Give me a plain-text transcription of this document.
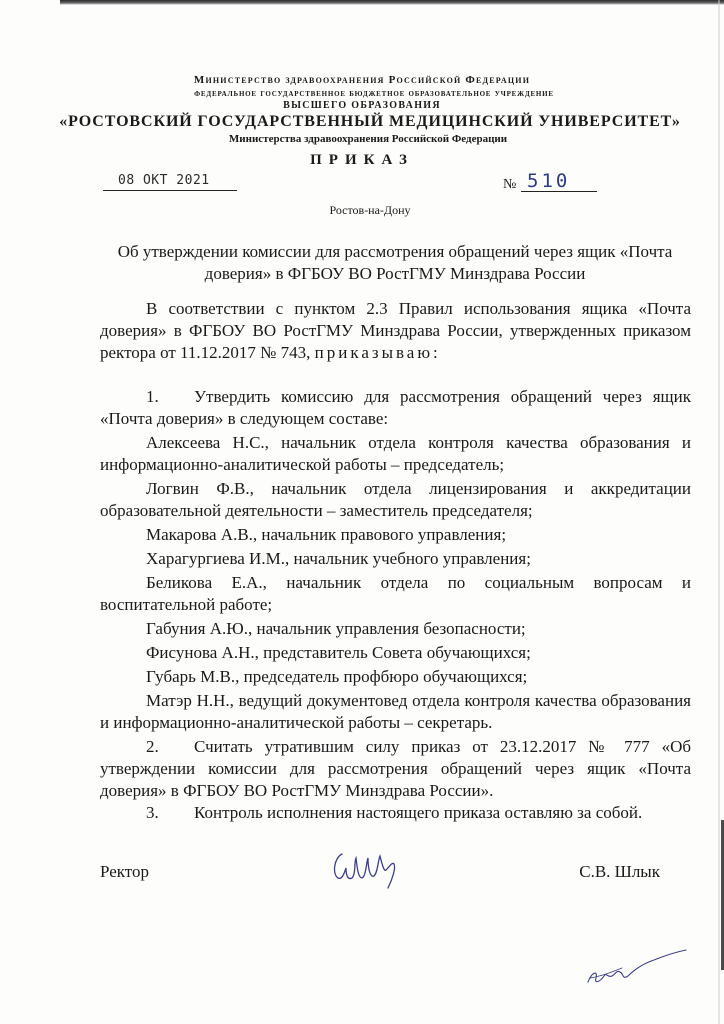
Министерство здравоохранения Российской Федерации
федеральное государственное бюджетное образовательное учреждение
ВЫСШЕГО ОБРАЗОВАНИЯ
«РОСТОВСКИЙ ГОСУДАРСТВЕННЫЙ МЕДИЦИНСКИЙ УНИВЕРСИТЕТ»
Министерства здравоохранения Российской Федерации
ПРИКАЗ
08 ОКТ 2021	№ 510
Ростов-на-Дону
Об утверждении комиссии для рассмотрения обращений через ящик «Почта доверия» в ФГБОУ ВО РостГМУ Минздрава России
В соответствии с пунктом 2.3 Правил использования ящика «Почта доверия» в ФГБОУ ВО РостГМУ Минздрава России, утвержденных приказом ректора от 11.12.2017 № 743, приказываю:

1. Утвердить комиссию для рассмотрения обращений через ящик «Почта доверия» в следующем составе:

Алексеева Н.С., начальник отдела контроля качества образования и информационно-аналитической работы – председатель;

Логвин Ф.В., начальник отдела лицензирования и аккредитации образовательной деятельности – заместитель председателя;

Макарова А.В., начальник правового управления;

Харагургиева И.М., начальник учебного управления;

Беликова Е.А., начальник отдела по социальным вопросам и воспитательной работе;

Габуния А.Ю., начальник управления безопасности;

Фисунова А.Н., представитель Совета обучающихся;

Губарь М.В., председатель профбюро обучающихся;

Матэр Н.Н., ведущий документовед отдела контроля качества образования и информационно-аналитической работы – секретарь.

2. Считать утратившим силу приказ от 23.12.2017 № 777 «Об утверждении комиссии для рассмотрения обращений через ящик «Почта доверия» в ФГБОУ ВО РостГМУ Минздрава России».

3. Контроль исполнения настоящего приказа оставляю за собой.

Ректор	С.В. Шлык
